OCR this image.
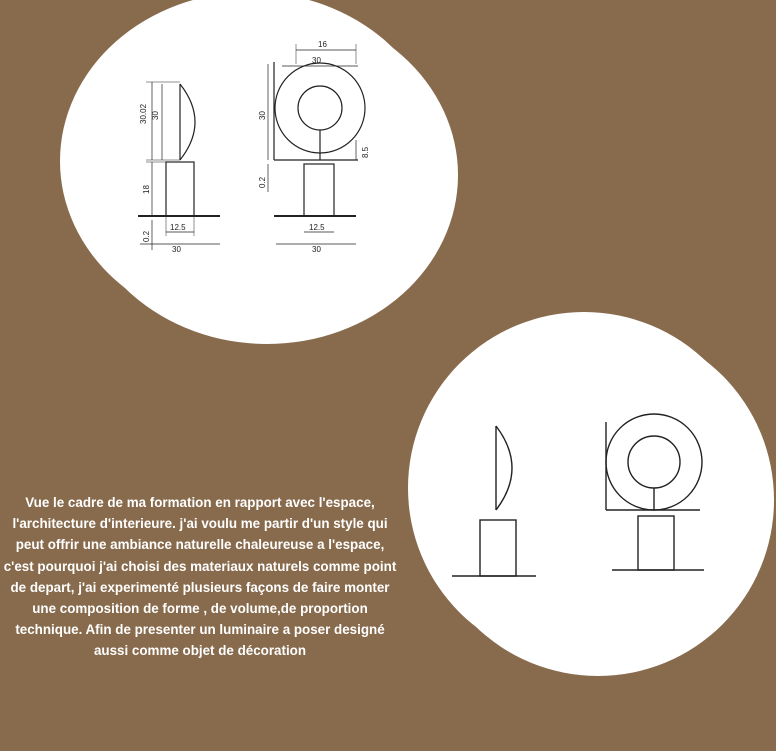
30.02 30
18
0.2
12.5
30
16
30
30
8.5
0.2
12.5
30
Vue le cadre de ma formation en rapport avec l'espace, l'architecture d'interieure. j'ai voulu me partir d'un style qui peut offrir une ambiance naturelle chaleureuse a l'espace, c'est pourquoi j'ai choisi des materiaux naturels comme point de depart, j'ai experimenté plusieurs façons de faire monter une composition de forme , de volume,de proportion technique. Afin de presenter un luminaire a poser designé aussi comme objet de décoration
